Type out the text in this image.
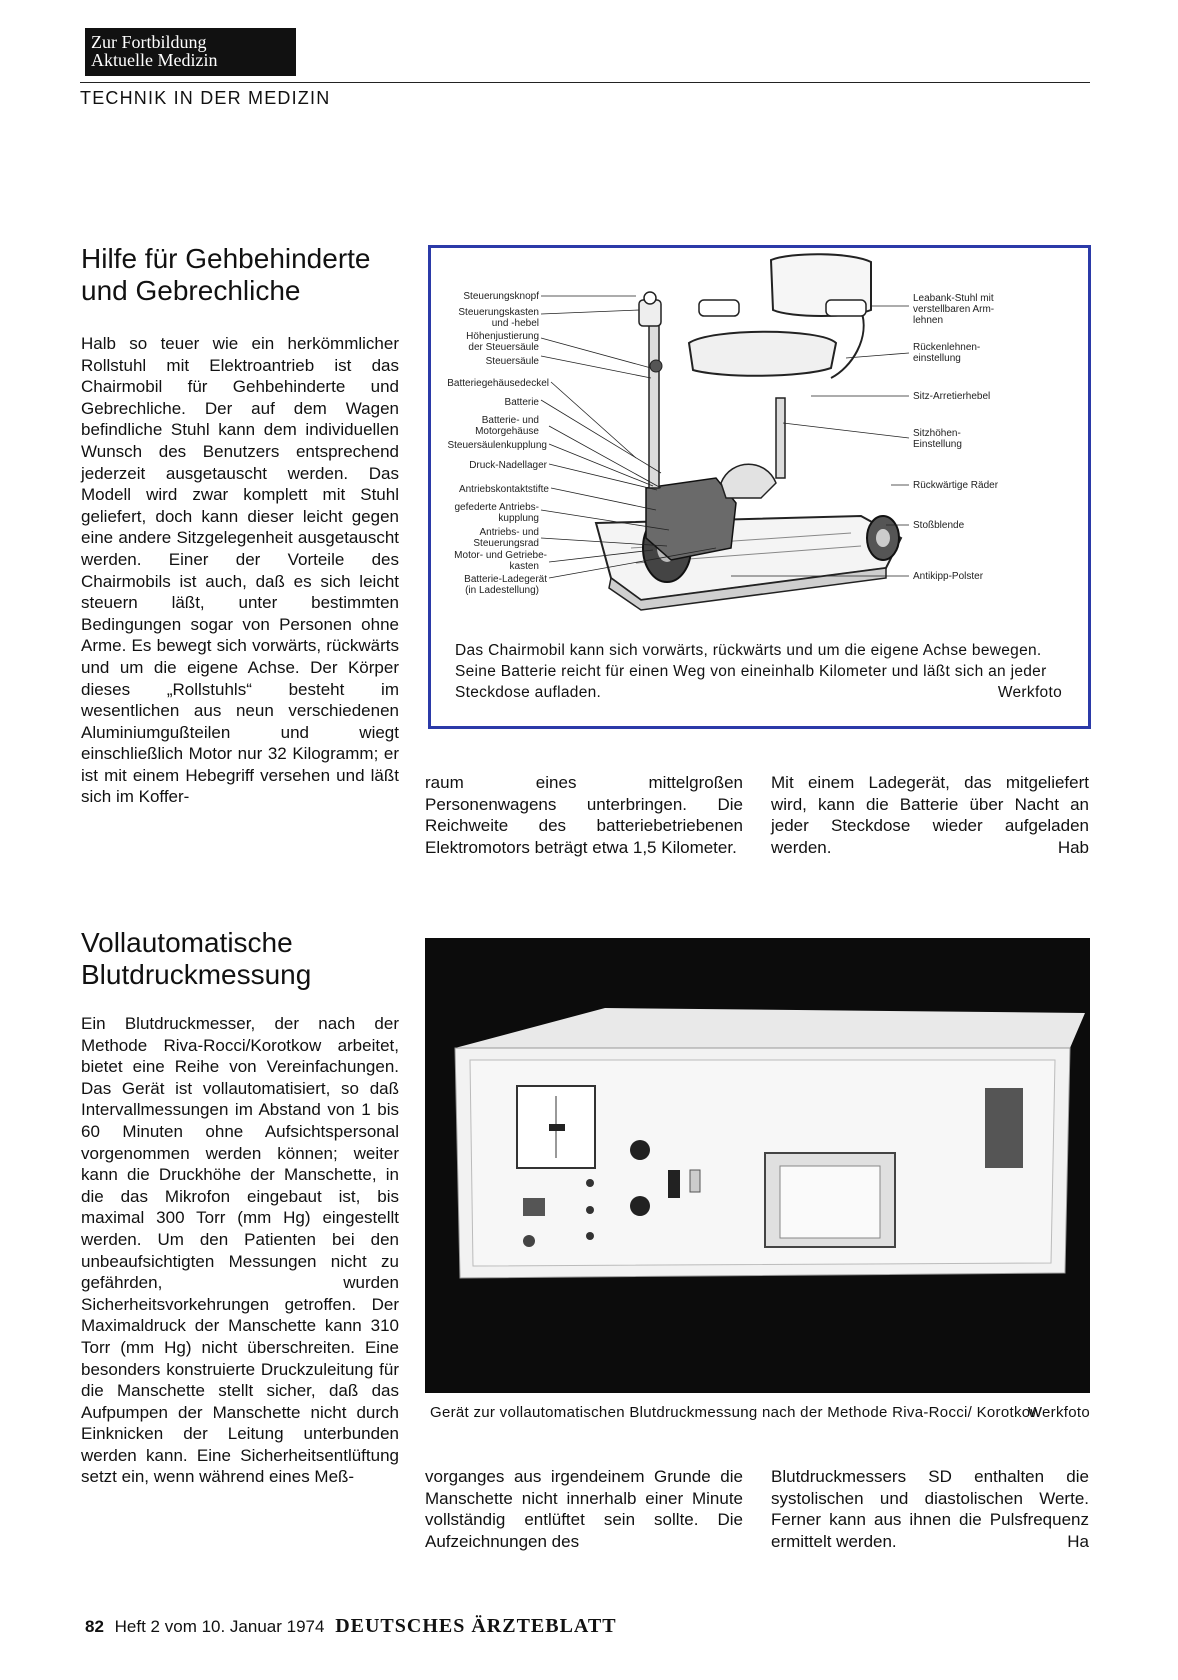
Zur Fortbildung
Aktuelle Medizin
TECHNIK IN DER MEDIZIN
Hilfe für Gehbehinderte
und Gebrechliche

Halb so teuer wie ein herkömmlicher Rollstuhl mit Elektroantrieb ist das Chairmobil für Gehbehinderte und Gebrechliche. Der auf dem Wagen befindliche Stuhl kann dem individuellen Wunsch des Benutzers entsprechend jederzeit ausgetauscht werden. Das Modell wird zwar komplett mit Stuhl geliefert, doch kann dieser leicht gegen eine andere Sitzgelegenheit ausgetauscht werden. Einer der Vorteile des Chairmobils ist auch, daß es sich leicht steuern läßt, unter bestimmten Bedingungen sogar von Personen ohne Arme. Es bewegt sich vorwärts, rückwärts und um die eigene Achse. Der Körper dieses „Rollstuhls“ besteht im wesentlichen aus neun verschiedenen Aluminiumgußteilen und wiegt einschließlich Motor nur 32 Kilogramm; er ist mit einem Hebegriff versehen und läßt sich im Koffer-

Steuerungsknopf
Steuerungskasten
und -hebel
Höhenjustierung
der Steuersäule
Steuersäule
Batteriegehäusedeckel
Batterie
Batterie- und
Motorgehäuse
Steuersäulenkupplung
Druck-Nadellager
Antriebskontaktstifte
gefederte Antriebs-
kupplung
Antriebs- und
Steuerungsrad
Motor- und Getriebe-
kasten
Batterie-Ladegerät
(in Ladestellung)
Leabank-Stuhl mit
verstellbaren Arm-
lehnen
Rückenlehnen-
einstellung
Sitz-Arretierhebel
Sitzhöhen-
Einstellung
Rückwärtige Räder
Stoßblende
Antikipp-Polster
Das Chairmobil kann sich vorwärts, rückwärts und um die eigene Achse bewegen. Seine Batterie reicht für einen Weg von eineinhalb Kilometer und läßt sich an jeder Steckdose aufladen.	Werkfoto

raum eines mittelgroßen Personenwagens unterbringen. Die Reichweite des batteriebetriebenen Elektromotors beträgt etwa 1,5 Kilometer.

Mit einem Ladegerät, das mitgeliefert wird, kann die Batterie über Nacht an jeder Steckdose wieder aufgeladen werden.	Hab

Vollautomatische
Blutdruckmessung

Ein Blutdruckmesser, der nach der Methode Riva-Rocci/Korotkow arbeitet, bietet eine Reihe von Vereinfachungen. Das Gerät ist vollautomatisiert, so daß Intervallmessungen im Abstand von 1 bis 60 Minuten ohne Aufsichtspersonal vorgenommen werden können; weiter kann die Druckhöhe der Manschette, in die das Mikrofon eingebaut ist, bis maximal 300 Torr (mm Hg) eingestellt werden. Um den Patienten bei den unbeaufsichtigten Messungen nicht zu gefährden, wurden Sicherheitsvorkehrungen getroffen. Der Maximaldruck der Manschette kann 310 Torr (mm Hg) nicht überschreiten. Eine besonders konstruierte Druckzuleitung für die Manschette stellt sicher, daß das Aufpumpen der Manschette nicht durch Einknicken der Leitung unterbunden werden kann. Eine Sicherheitsentlüftung setzt ein, wenn während eines Meß-

Gerät zur vollautomatischen Blutdruckmessung nach der Methode Riva-Rocci/ Korotkow
Werkfoto

vorganges aus irgendeinem Grunde die Manschette nicht innerhalb einer Minute vollständig entlüftet sein sollte. Die Aufzeichnungen des

Blutdruckmessers SD enthalten die systolischen und diastolischen Werte. Ferner kann aus ihnen die Pulsfrequenz ermittelt werden.	Ha

82 Heft 2 vom 10. Januar 1974 DEUTSCHES ÄRZTEBLATT
